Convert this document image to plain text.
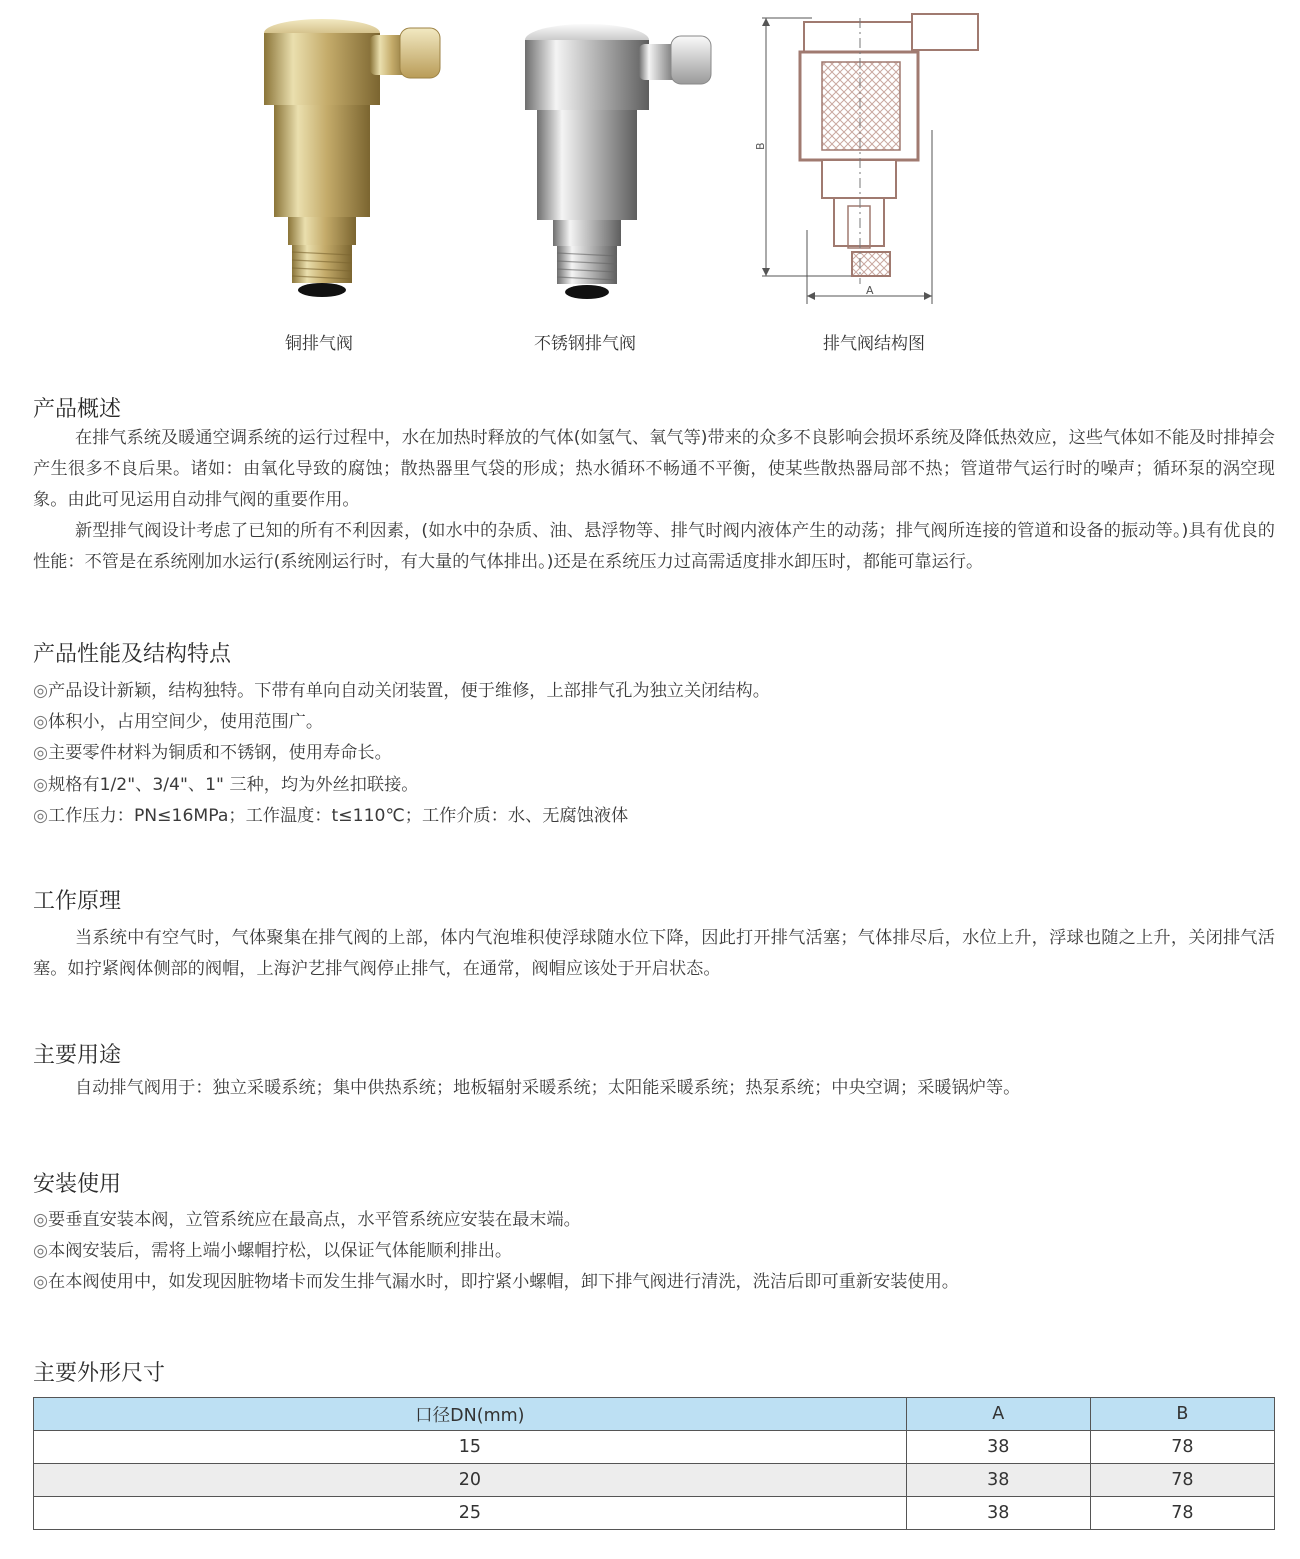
B
A
铜排气阀	不锈钢排气阀	排气阀结构图
产品概述

在排气系统及暖通空调系统的运行过程中，水在加热时释放的气体(如氢气、氧气等)带来的众多不良影响会损坏系统及降低热效应，这些气体如不能及时排掉会产生很多不良后果。诸如：由氧化导致的腐蚀；散热器里气袋的形成；热水循环不畅通不平衡，使某些散热器局部不热；管道带气运行时的噪声；循环泵的涡空现象。由此可见运用自动排气阀的重要作用。

新型排气阀设计考虑了已知的所有不利因素，(如水中的杂质、油、悬浮物等、排气时阀内液体产生的动荡；排气阀所连接的管道和设备的振动等。)具有优良的性能：不管是在系统刚加水运行(系统刚运行时，有大量的气体排出。)还是在系统压力过高需适度排水卸压时，都能可靠运行。

产品性能及结构特点
◎产品设计新颖，结构独特。下带有单向自动关闭装置，便于维修，上部排气孔为独立关闭结构。
◎体积小，占用空间少，使用范围广。
◎主要零件材料为铜质和不锈钢，使用寿命长。
◎规格有1/2"、3/4"、1" 三种，均为外丝扣联接。
◎工作压力：PN≤16MPa；工作温度：t≤110℃；工作介质：水、无腐蚀液体
工作原理

当系统中有空气时，气体聚集在排气阀的上部，体内气泡堆积使浮球随水位下降，因此打开排气活塞；气体排尽后，水位上升，浮球也随之上升，关闭排气活塞。如拧紧阀体侧部的阀帽，上海沪艺排气阀停止排气，在通常，阀帽应该处于开启状态。

主要用途

自动排气阀用于：独立采暖系统；集中供热系统；地板辐射采暖系统；太阳能采暖系统；热泵系统；中央空调；采暖锅炉等。

安装使用
◎要垂直安装本阀，立管系统应在最高点，水平管系统应安装在最末端。
◎本阀安装后，需将上端小螺帽拧松，以保证气体能顺利排出。
◎在本阀使用中，如发现因脏物堵卡而发生排气漏水时，即拧紧小螺帽，卸下排气阀进行清洗，洗洁后即可重新安装使用。
主要外形尺寸
口径DN(mm)	A	B
15	38	78
20	38	78
25	38	78
